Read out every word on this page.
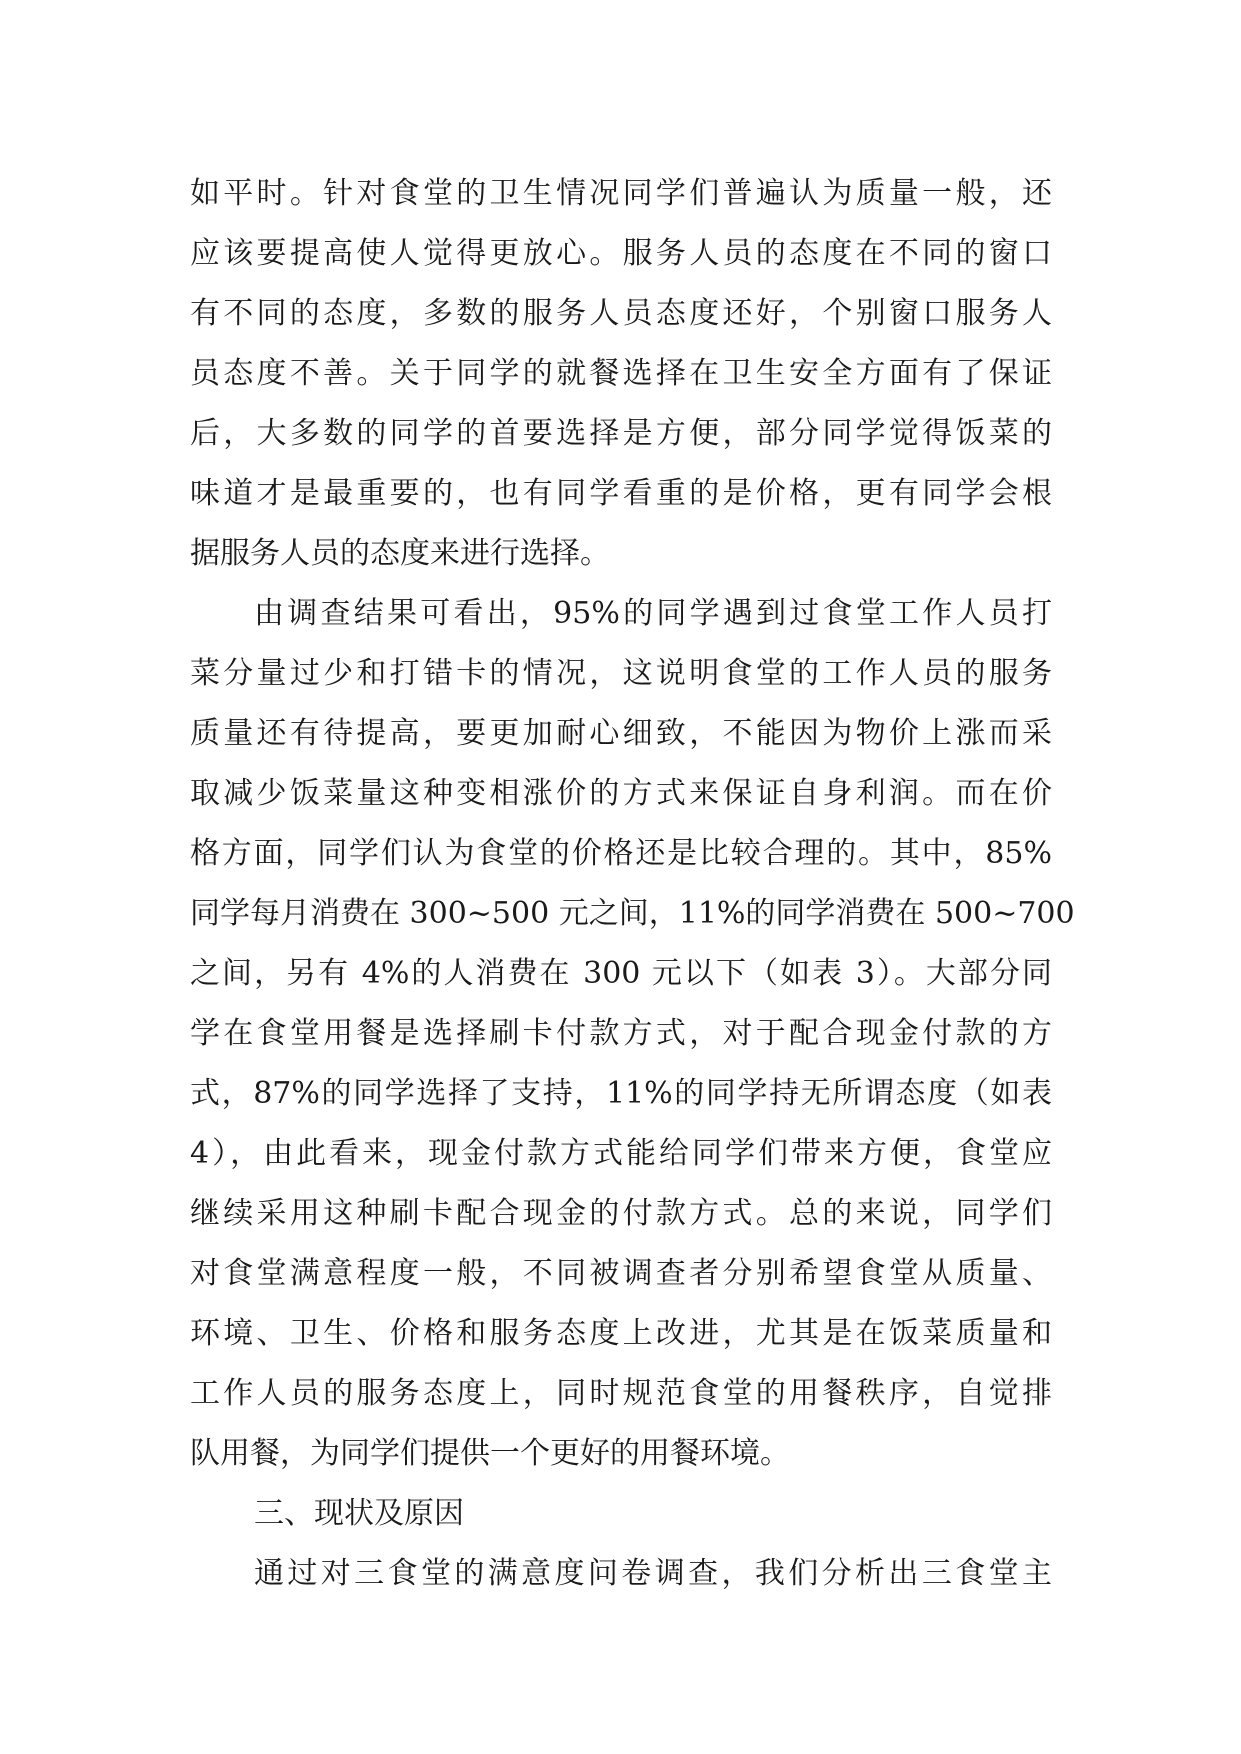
如平时。针对食堂的卫生情况同学们普遍认为质量一般，还
应该要提高使人觉得更放心。服务人员的态度在不同的窗口
有不同的态度，多数的服务人员态度还好，个别窗口服务人
员态度不善。关于同学的就餐选择在卫生安全方面有了保证
后，大多数的同学的首要选择是方便，部分同学觉得饭菜的
味道才是最重要的，也有同学看重的是价格，更有同学会根
据服务人员的态度来进行选择。
由调查结果可看出，95%的同学遇到过食堂工作人员打
菜分量过少和打错卡的情况，这说明食堂的工作人员的服务
质量还有待提高，要更加耐心细致，不能因为物价上涨而采
取减少饭菜量这种变相涨价的方式来保证自身利润。而在价
格方面，同学们认为食堂的价格还是比较合理的。其中，85%
同学每月消费在 300~500 元之间，11%的同学消费在 500~700
之间，另有 4%的人消费在 300 元以下（如表 3）。大部分同
学在食堂用餐是选择刷卡付款方式，对于配合现金付款的方
式，87%的同学选择了支持，11%的同学持无所谓态度（如表
4），由此看来，现金付款方式能给同学们带来方便，食堂应
继续采用这种刷卡配合现金的付款方式。总的来说，同学们
对食堂满意程度一般，不同被调查者分别希望食堂从质量、
环境、卫生、价格和服务态度上改进，尤其是在饭菜质量和
工作人员的服务态度上，同时规范食堂的用餐秩序，自觉排
队用餐，为同学们提供一个更好的用餐环境。
三、现状及原因
通过对三食堂的满意度问卷调查，我们分析出三食堂主
